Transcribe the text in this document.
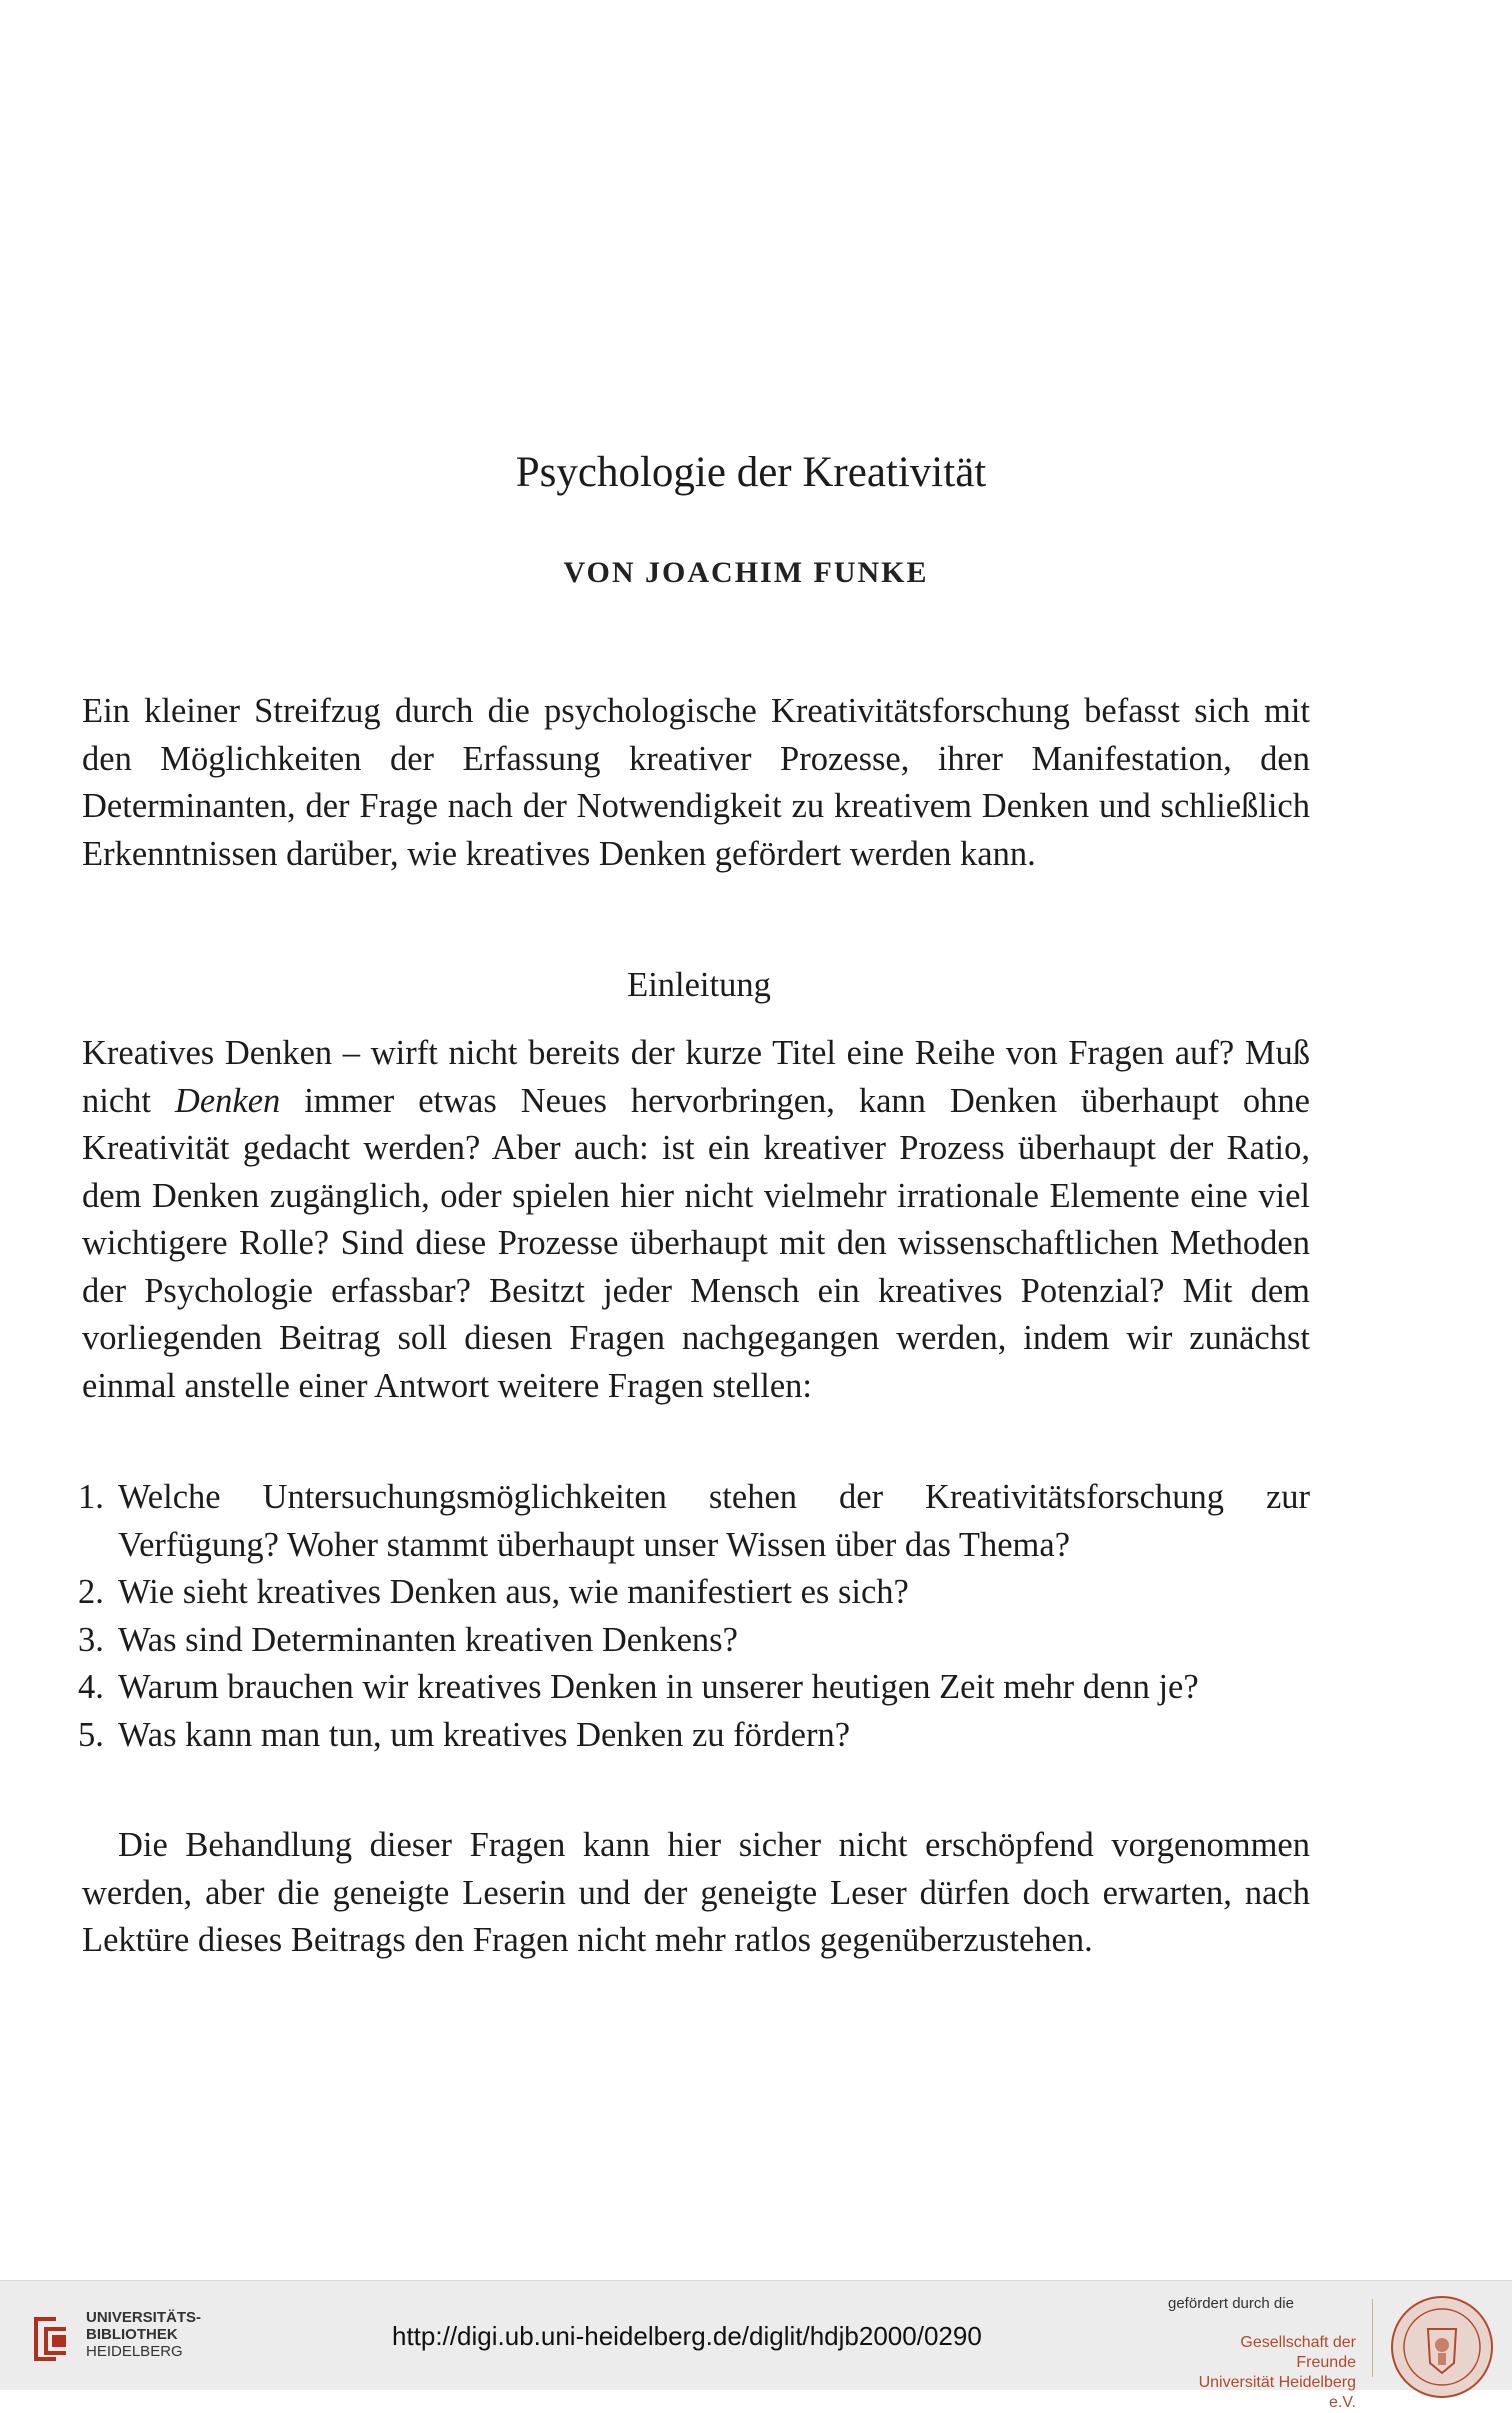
Psychologie der Kreativität
VON JOACHIM FUNKE
Ein kleiner Streifzug durch die psychologische Kreativitätsforschung befasst sich mit den Möglichkeiten der Erfassung kreativer Prozesse, ihrer Manifestation, den Determinanten, der Frage nach der Notwendigkeit zu kreativem Denken und schließlich Erkenntnissen darüber, wie kreatives Denken gefördert werden kann.
Einleitung
Kreatives Denken – wirft nicht bereits der kurze Titel eine Reihe von Fragen auf? Muß nicht Denken immer etwas Neues hervorbringen, kann Denken überhaupt ohne Kreativität gedacht werden? Aber auch: ist ein kreativer Prozess überhaupt der Ratio, dem Denken zugänglich, oder spielen hier nicht vielmehr irrationale Elemente eine viel wichtigere Rolle? Sind diese Prozesse überhaupt mit den wissenschaftlichen Methoden der Psychologie erfassbar? Besitzt jeder Mensch ein kreatives Potenzial? Mit dem vorliegenden Beitrag soll diesen Fragen nachgegangen werden, indem wir zunächst einmal anstelle einer Antwort weitere Fragen stellen:
1. Welche Untersuchungsmöglichkeiten stehen der Kreativitätsforschung zur Verfügung? Woher stammt überhaupt unser Wissen über das Thema?
2. Wie sieht kreatives Denken aus, wie manifestiert es sich?
3. Was sind Determinanten kreativen Denkens?
4. Warum brauchen wir kreatives Denken in unserer heutigen Zeit mehr denn je?
5. Was kann man tun, um kreatives Denken zu fördern?
Die Behandlung dieser Fragen kann hier sicher nicht erschöpfend vorgenommen werden, aber die geneigte Leserin und der geneigte Leser dürfen doch erwarten, nach Lektüre dieses Beitrags den Fragen nicht mehr ratlos gegenüberzustehen.
UNIVERSITÄTS-
BIBLIOTHEK
HEIDELBERG
http://digi.ub.uni-heidelberg.de/diglit/hdjb2000/0290
gefördert durch die
Gesellschaft der Freunde
Universität Heidelberg e.V.
